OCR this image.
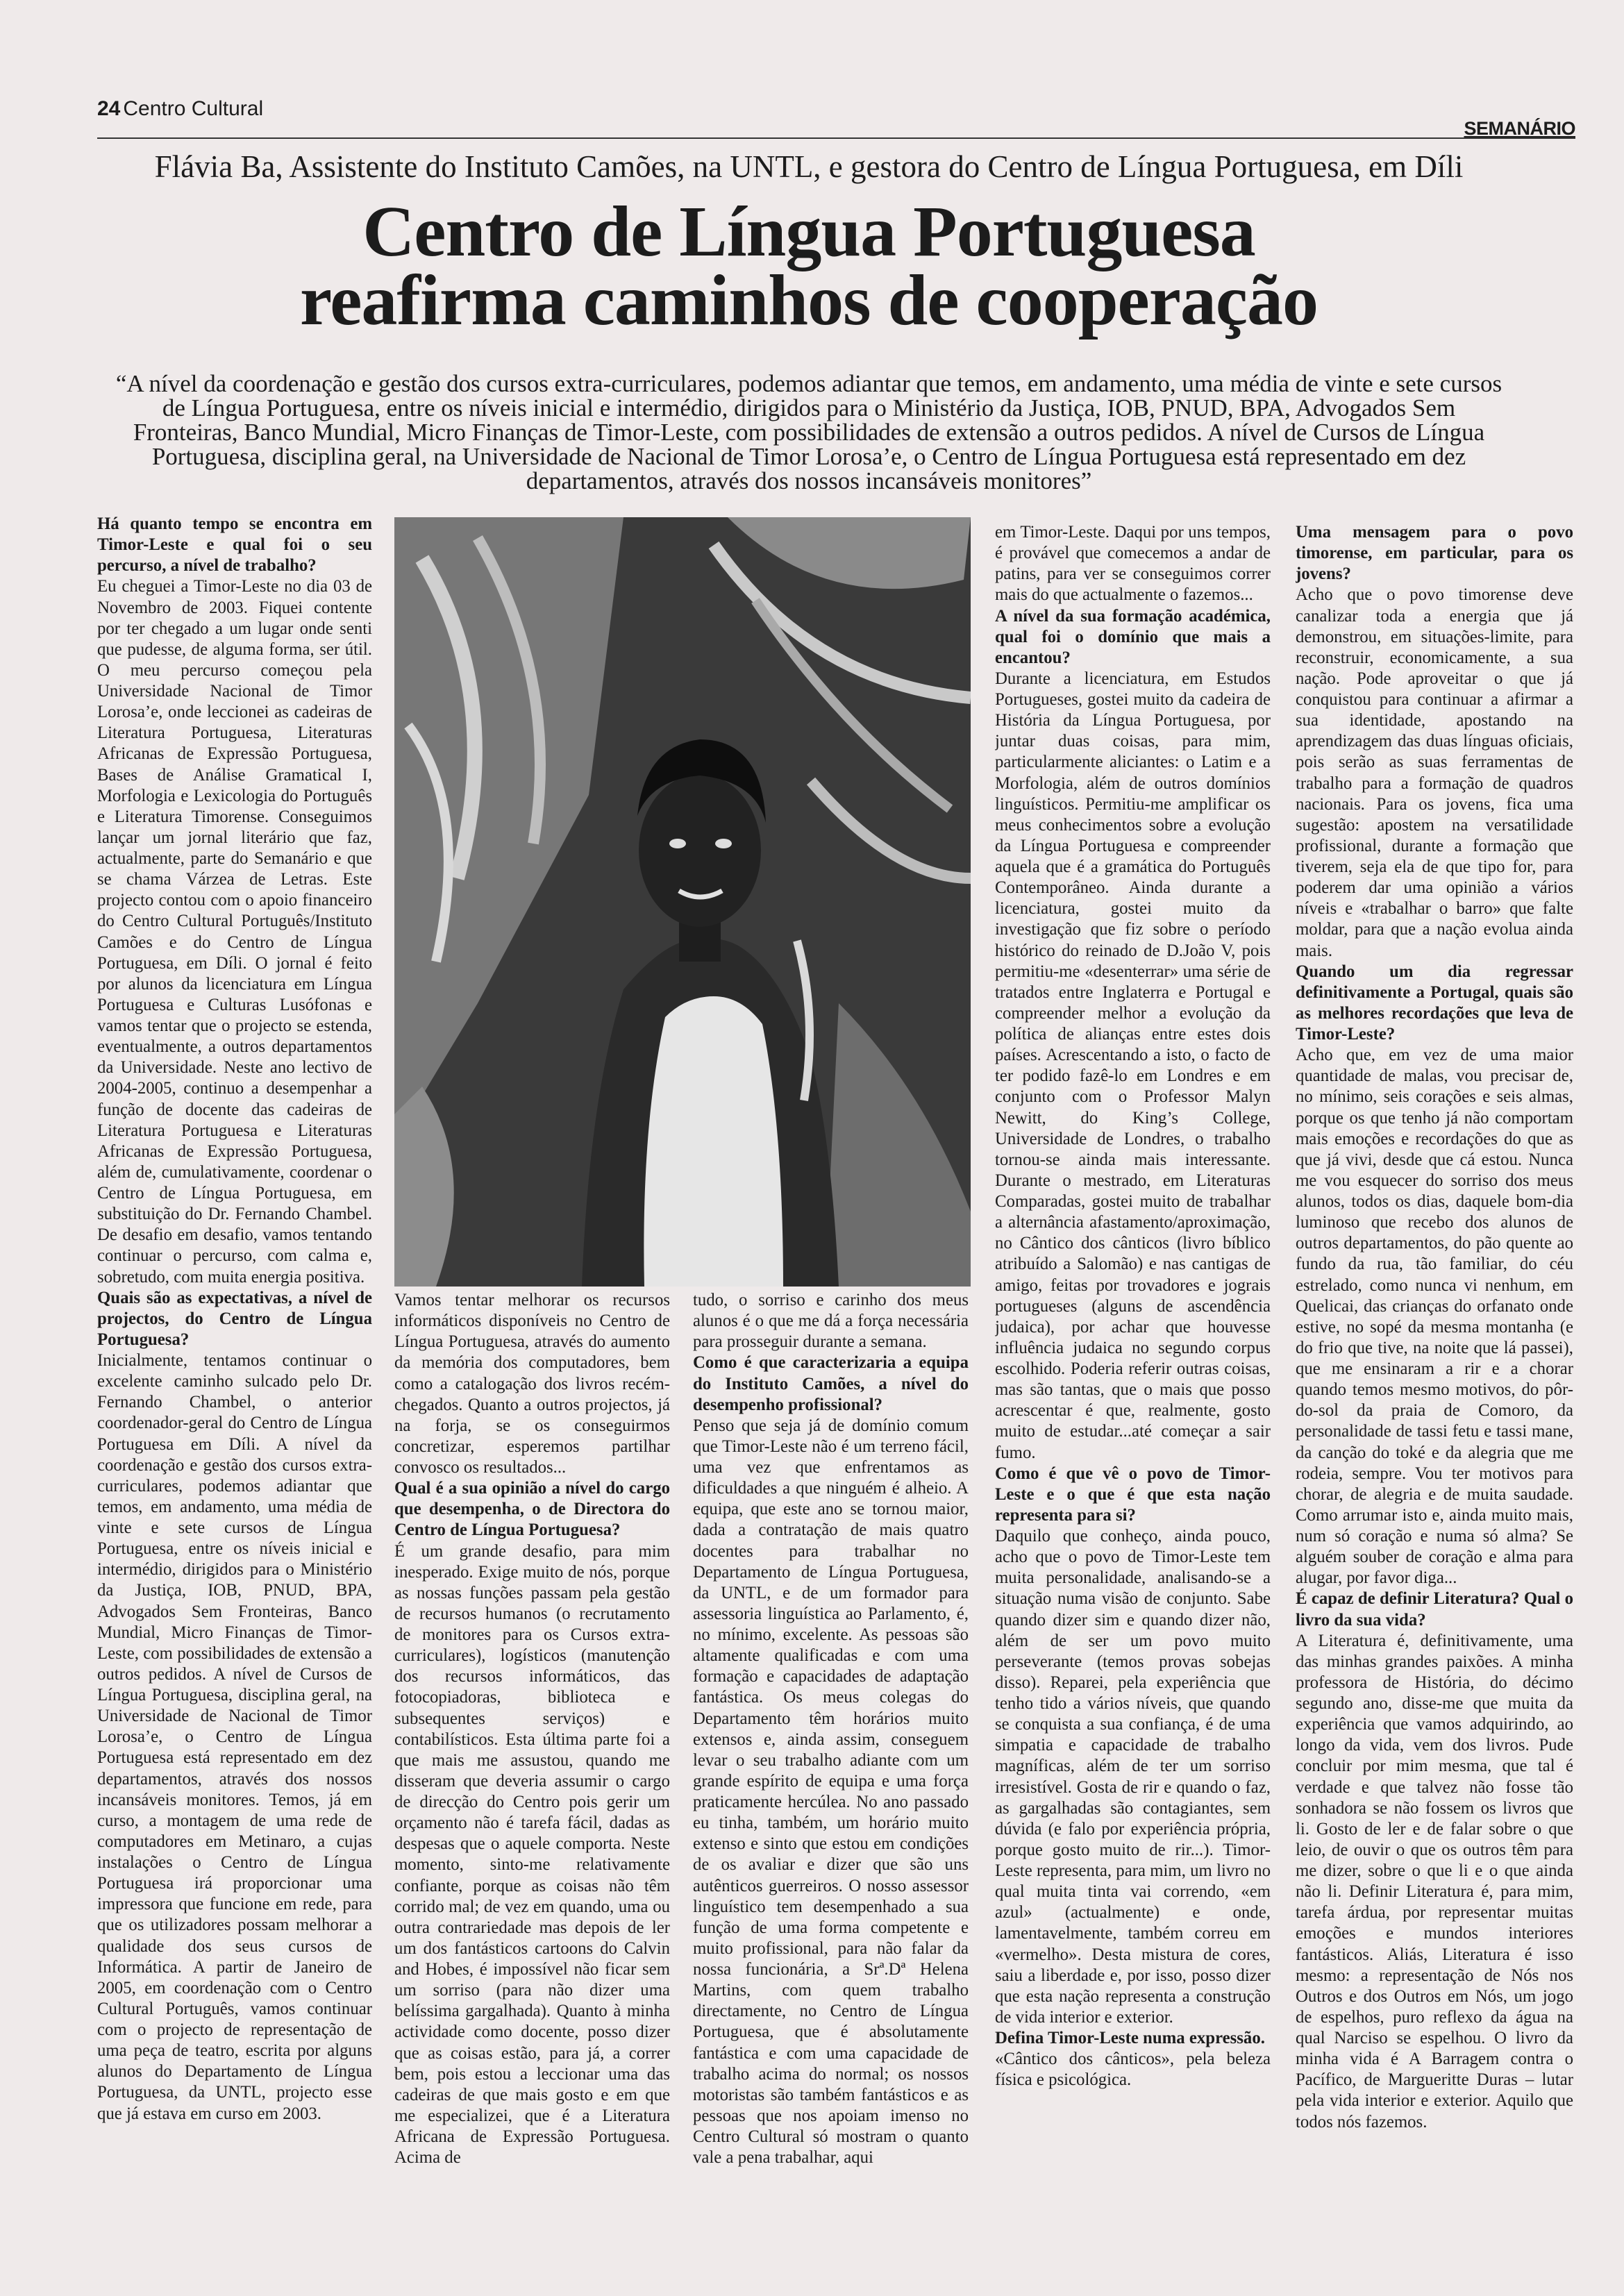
24 Centro Cultural
SEMANÁRIO
Flávia Ba, Assistente do Instituto Camões, na UNTL, e gestora do Centro de Língua Portuguesa, em Díli
Centro de Língua Portuguesa
reafirma caminhos de cooperação
“A nível da coordenação e gestão dos cursos extra-curriculares, podemos adiantar que temos, em andamento, uma média de vinte e sete cursos de Língua Portuguesa, entre os níveis inicial e intermédio, dirigidos para o Ministério da Justiça, IOB, PNUD, BPA, Advogados Sem Fronteiras, Banco Mundial, Micro Finanças de Timor-Leste, com possibilidades de extensão a outros pedidos. A nível de Cursos de Língua Portuguesa, disciplina geral, na Universidade de Nacional de Timor Lorosa’e, o Centro de Língua Portuguesa está representado em dez departamentos, através dos nossos incansáveis monitores”

Há quanto tempo se encontra em Timor-Leste e qual foi o seu percurso, a nível de trabalho?

Eu cheguei a Timor-Leste no dia 03 de Novembro de 2003. Fiquei contente por ter chegado a um lugar onde senti que pudesse, de alguma forma, ser útil. O meu percurso começou pela Universidade Nacional de Timor Lorosa’e, onde leccionei as cadeiras de Literatura Portuguesa, Literaturas Africanas de Expressão Portuguesa, Bases de Análise Gramatical I, Morfologia e Lexicologia do Português e Literatura Timorense. Conseguimos lançar um jornal literário que faz, actualmente, parte do Semanário e que se chama Várzea de Letras. Este projecto contou com o apoio financeiro do Centro Cultural Português/Instituto Camões e do Centro de Língua Portuguesa, em Díli. O jornal é feito por alunos da licenciatura em Língua Portuguesa e Culturas Lusófonas e vamos tentar que o projecto se estenda, eventualmente, a outros departamentos da Universidade. Neste ano lectivo de 2004-2005, continuo a desempenhar a função de docente das cadeiras de Literatura Portuguesa e Literaturas Africanas de Expressão Portuguesa, além de, cumulativamente, coordenar o Centro de Língua Portuguesa, em substituição do Dr. Fernando Chambel. De desafio em desafio, vamos tentando continuar o percurso, com calma e, sobretudo, com muita energia positiva.

Quais são as expectativas, a nível de projectos, do Centro de Língua Portuguesa?

Inicialmente, tentamos continuar o excelente caminho sulcado pelo Dr. Fernando Chambel, o anterior coordenador-geral do Centro de Língua Portuguesa em Díli. A nível da coordenação e gestão dos cursos extra-curriculares, podemos adiantar que temos, em andamento, uma média de vinte e sete cursos de Língua Portuguesa, entre os níveis inicial e intermédio, dirigidos para o Ministério da Justiça, IOB, PNUD, BPA, Advogados Sem Fronteiras, Banco Mundial, Micro Finanças de Timor-Leste, com possibilidades de extensão a outros pedidos. A nível de Cursos de Língua Portuguesa, disciplina geral, na Universidade de Nacional de Timor Lorosa’e, o Centro de Língua Portuguesa está representado em dez departamentos, através dos nossos incansáveis monitores. Temos, já em curso, a montagem de uma rede de computadores em Metinaro, a cujas instalações o Centro de Língua Portuguesa irá proporcionar uma impressora que funcione em rede, para que os utilizadores possam melhorar a qualidade dos seus cursos de Informática. A partir de Janeiro de 2005, em coordenação com o Centro Cultural Português, vamos continuar com o projecto de representação de uma peça de teatro, escrita por alguns alunos do Departamento de Língua Portuguesa, da UNTL, projecto esse que já estava em curso em 2003.

Vamos tentar melhorar os recursos informáticos disponíveis no Centro de Língua Portuguesa, através do aumento da memória dos computadores, bem como a catalogação dos livros recém-chegados. Quanto a outros projectos, já na forja, se os conseguirmos concretizar, esperemos partilhar convosco os resultados...

Qual é a sua opinião a nível do cargo que desempenha, o de Directora do Centro de Língua Portuguesa?

É um grande desafio, para mim inesperado. Exige muito de nós, porque as nossas funções passam pela gestão de recursos humanos (o recrutamento de monitores para os Cursos extra-curriculares), logísticos (manutenção dos recursos informáticos, das fotocopiadoras, biblioteca e subsequentes serviços) e contabilísticos. Esta última parte foi a que mais me assustou, quando me disseram que deveria assumir o cargo de direcção do Centro pois gerir um orçamento não é tarefa fácil, dadas as despesas que o aquele comporta. Neste momento, sinto-me relativamente confiante, porque as coisas não têm corrido mal; de vez em quando, uma ou outra contrariedade mas depois de ler um dos fantásticos cartoons do Calvin and Hobes, é impossível não ficar sem um sorriso (para não dizer uma belíssima gargalhada). Quanto à minha actividade como docente, posso dizer que as coisas estão, para já, a correr bem, pois estou a leccionar uma das cadeiras de que mais gosto e em que me especializei, que é a Literatura Africana de Expressão Portuguesa. Acima de

tudo, o sorriso e carinho dos meus alunos é o que me dá a força necessária para prosseguir durante a semana.

Como é que caracterizaria a equipa do Instituto Camões, a nível do desempenho profissional?

Penso que seja já de domínio comum que Timor-Leste não é um terreno fácil, uma vez que enfrentamos as dificuldades a que ninguém é alheio. A equipa, que este ano se tornou maior, dada a contratação de mais quatro docentes para trabalhar no Departamento de Língua Portuguesa, da UNTL, e de um formador para assessoria linguística ao Parlamento, é, no mínimo, excelente. As pessoas são altamente qualificadas e com uma formação e capacidades de adaptação fantástica. Os meus colegas do Departamento têm horários muito extensos e, ainda assim, conseguem levar o seu trabalho adiante com um grande espírito de equipa e uma força praticamente hercúlea. No ano passado eu tinha, também, um horário muito extenso e sinto que estou em condições de os avaliar e dizer que são uns autênticos guerreiros. O nosso assessor linguístico tem desempenhado a sua função de uma forma competente e muito profissional, para não falar da nossa funcionária, a Srª.Dª Helena Martins, com quem trabalho directamente, no Centro de Língua Portuguesa, que é absolutamente fantástica e com uma capacidade de trabalho acima do normal; os nossos motoristas são também fantásticos e as pessoas que nos apoiam imenso no Centro Cultural só mostram o quanto vale a pena trabalhar, aqui

em Timor-Leste. Daqui por uns tempos, é provável que comecemos a andar de patins, para ver se conseguimos correr mais do que actualmente o fazemos...

A nível da sua formação académica, qual foi o domínio que mais a encantou?

Durante a licenciatura, em Estudos Portugueses, gostei muito da cadeira de História da Língua Portuguesa, por juntar duas coisas, para mim, particularmente aliciantes: o Latim e a Morfologia, além de outros domínios linguísticos. Permitiu-me amplificar os meus conhecimentos sobre a evolução da Língua Portuguesa e compreender aquela que é a gramática do Português Contemporâneo. Ainda durante a licenciatura, gostei muito da investigação que fiz sobre o período histórico do reinado de D.João V, pois permitiu-me «desenterrar» uma série de tratados entre Inglaterra e Portugal e compreender melhor a evolução da política de alianças entre estes dois países. Acrescentando a isto, o facto de ter podido fazê-lo em Londres e em conjunto com o Professor Malyn Newitt, do King’s College, Universidade de Londres, o trabalho tornou-se ainda mais interessante. Durante o mestrado, em Literaturas Comparadas, gostei muito de trabalhar a alternância afastamento/aproximação, no Cântico dos cânticos (livro bíblico atribuído a Salomão) e nas cantigas de amigo, feitas por trovadores e jograis portugueses (alguns de ascendência judaica), por achar que houvesse influência judaica no segundo corpus escolhido. Poderia referir outras coisas, mas são tantas, que o mais que posso acrescentar é que, realmente, gosto muito de estudar...até começar a sair fumo.

Como é que vê o povo de Timor-Leste e o que é que esta nação representa para si?

Daquilo que conheço, ainda pouco, acho que o povo de Timor-Leste tem muita personalidade, analisando-se a situação numa visão de conjunto. Sabe quando dizer sim e quando dizer não, além de ser um povo muito perseverante (temos provas sobejas disso). Reparei, pela experiência que tenho tido a vários níveis, que quando se conquista a sua confiança, é de uma simpatia e capacidade de trabalho magníficas, além de ter um sorriso irresistível. Gosta de rir e quando o faz, as gargalhadas são contagiantes, sem dúvida (e falo por experiência própria, porque gosto muito de rir...). Timor-Leste representa, para mim, um livro no qual muita tinta vai correndo, «em azul» (actualmente) e onde, lamentavelmente, também correu em «vermelho». Desta mistura de cores, saiu a liberdade e, por isso, posso dizer que esta nação representa a construção de vida interior e exterior.

Defina Timor-Leste numa expressão.

«Cântico dos cânticos», pela beleza física e psicológica.

Uma mensagem para o povo timorense, em particular, para os jovens?

Acho que o povo timorense deve canalizar toda a energia que já demonstrou, em situações-limite, para reconstruir, economicamente, a sua nação. Pode aproveitar o que já conquistou para continuar a afirmar a sua identidade, apostando na aprendizagem das duas línguas oficiais, pois serão as suas ferramentas de trabalho para a formação de quadros nacionais. Para os jovens, fica uma sugestão: apostem na versatilidade profissional, durante a formação que tiverem, seja ela de que tipo for, para poderem dar uma opinião a vários níveis e «trabalhar o barro» que falte moldar, para que a nação evolua ainda mais.

Quando um dia regressar definitivamente a Portugal, quais são as melhores recordações que leva de Timor-Leste?

Acho que, em vez de uma maior quantidade de malas, vou precisar de, no mínimo, seis corações e seis almas, porque os que tenho já não comportam mais emoções e recordações do que as que já vivi, desde que cá estou. Nunca me vou esquecer do sorriso dos meus alunos, todos os dias, daquele bom-dia luminoso que recebo dos alunos de outros departamentos, do pão quente ao fundo da rua, tão familiar, do céu estrelado, como nunca vi nenhum, em Quelicai, das crianças do orfanato onde estive, no sopé da mesma montanha (e do frio que tive, na noite que lá passei), que me ensinaram a rir e a chorar quando temos mesmo motivos, do pôr-do-sol da praia de Comoro, da personalidade de tassi fetu e tassi mane, da canção do toké e da alegria que me rodeia, sempre. Vou ter motivos para chorar, de alegria e de muita saudade. Como arrumar isto e, ainda muito mais, num só coração e numa só alma? Se alguém souber de coração e alma para alugar, por favor diga...

É capaz de definir Literatura? Qual o livro da sua vida?

A Literatura é, definitivamente, uma das minhas grandes paixões. A minha professora de História, do décimo segundo ano, disse-me que muita da experiência que vamos adquirindo, ao longo da vida, vem dos livros. Pude concluir por mim mesma, que tal é verdade e que talvez não fosse tão sonhadora se não fossem os livros que li. Gosto de ler e de falar sobre o que leio, de ouvir o que os outros têm para me dizer, sobre o que li e o que ainda não li. Definir Literatura é, para mim, tarefa árdua, por representar muitas emoções e mundos interiores fantásticos. Aliás, Literatura é isso mesmo: a representação de Nós nos Outros e dos Outros em Nós, um jogo de espelhos, puro reflexo da água na qual Narciso se espelhou. O livro da minha vida é A Barragem contra o Pacífico, de Margueritte Duras – lutar pela vida interior e exterior. Aquilo que todos nós fazemos.
